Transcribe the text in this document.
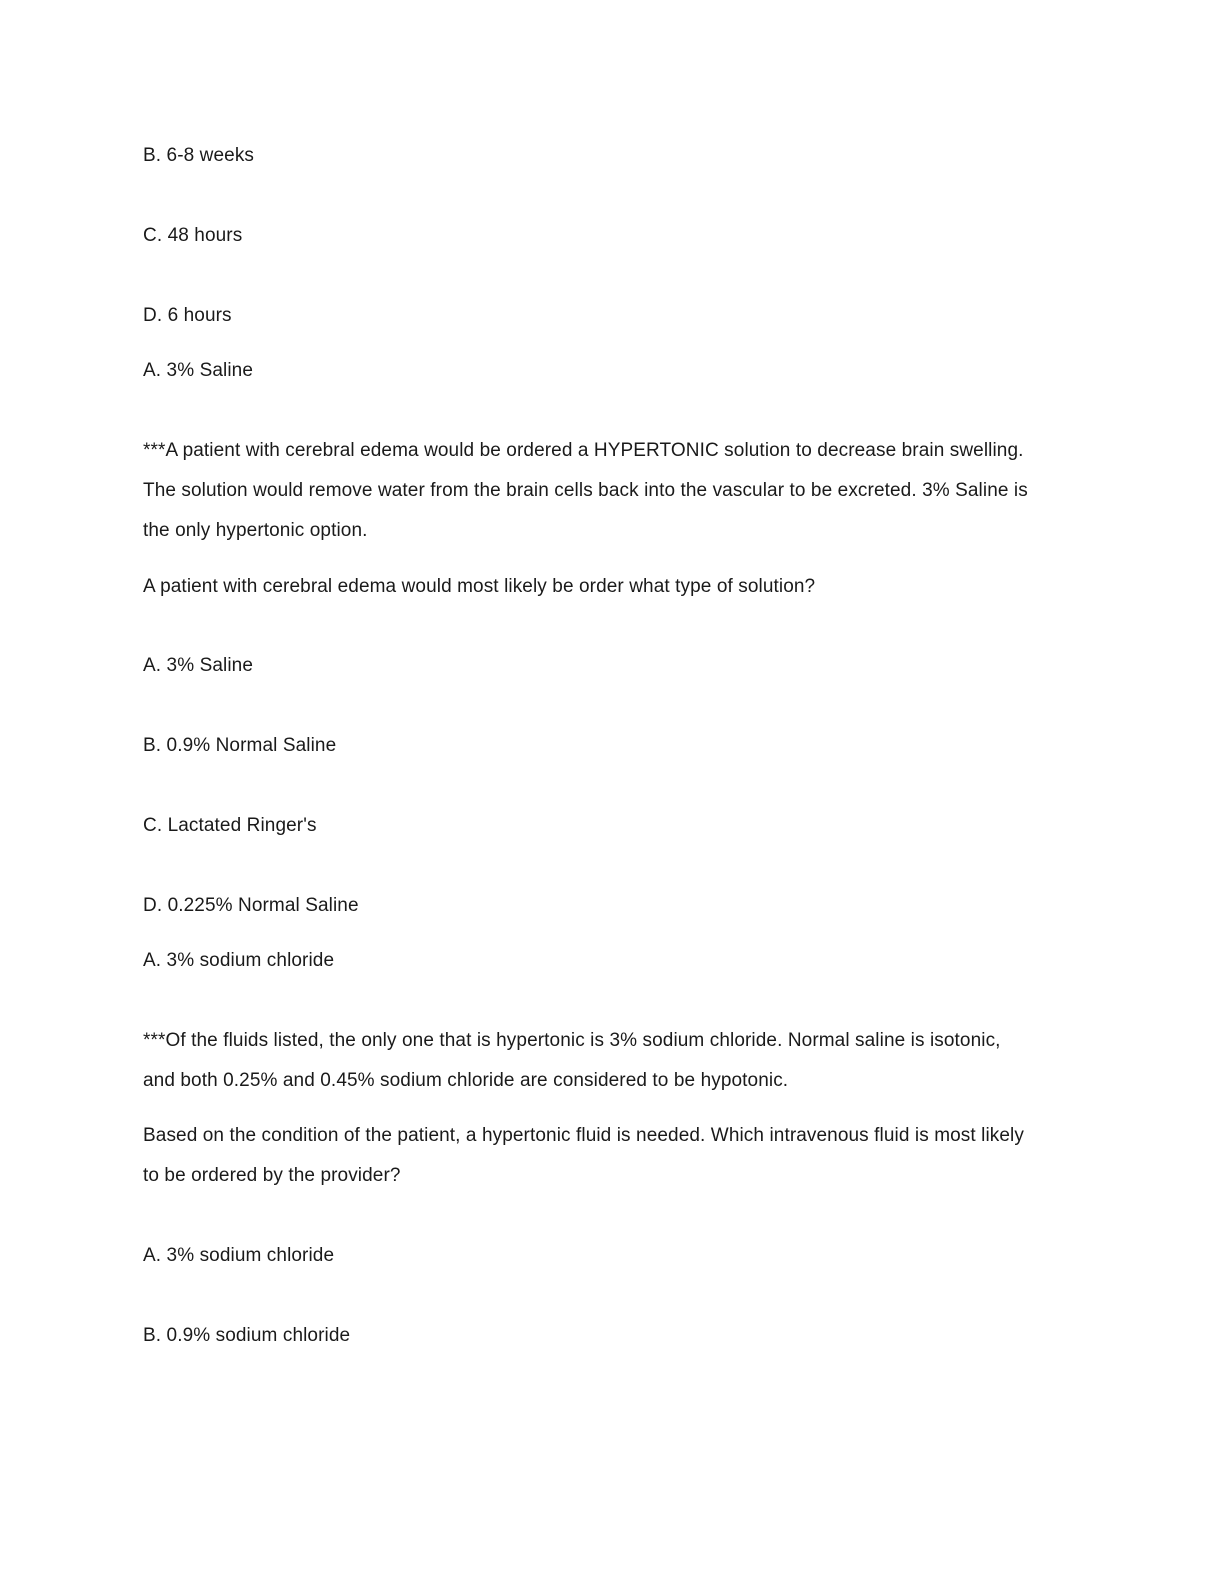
B. 6-8 weeks
C. 48 hours
D. 6 hours
A. 3% Saline
***A patient with cerebral edema would be ordered a HYPERTONIC solution to decrease brain swelling.
The solution would remove water from the brain cells back into the vascular to be excreted. 3% Saline is
the only hypertonic option.
A patient with cerebral edema would most likely be order what type of solution?
A. 3% Saline
B. 0.9% Normal Saline
C. Lactated Ringer's
D. 0.225% Normal Saline
A. 3% sodium chloride
***Of the fluids listed, the only one that is hypertonic is 3% sodium chloride. Normal saline is isotonic,
and both 0.25% and 0.45% sodium chloride are considered to be hypotonic.
Based on the condition of the patient, a hypertonic fluid is needed. Which intravenous fluid is most likely
to be ordered by the provider?
A. 3% sodium chloride
B. 0.9% sodium chloride
